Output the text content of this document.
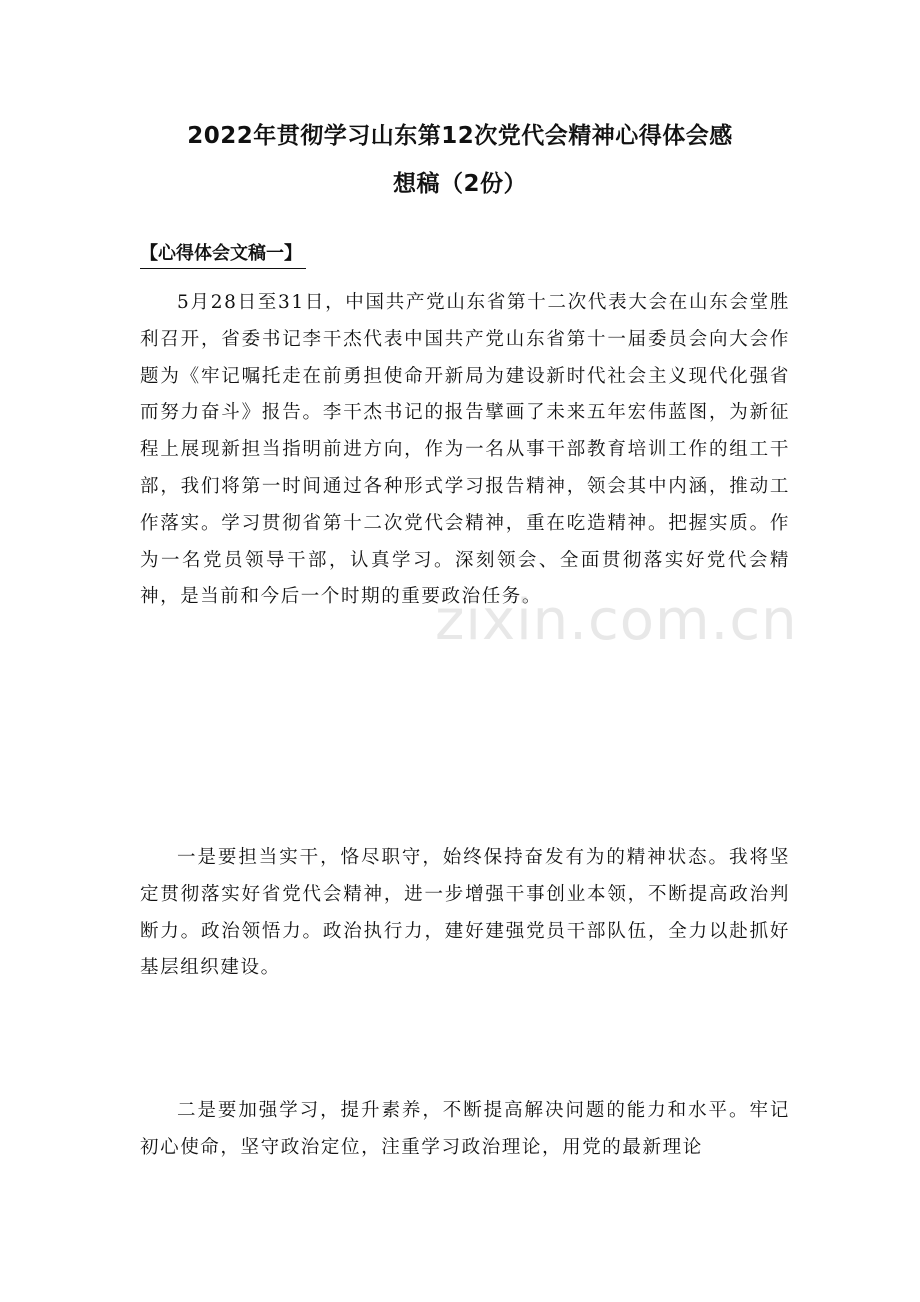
2022年贯彻学习山东第12次党代会精神心得体会感
想稿（2份）
【心得体会文稿一】

5月28日至31日，中国共产党山东省第十二次代表大会在山东会堂胜利召开，省委书记李干杰代表中国共产党山东省第十一届委员会向大会作题为《牢记嘱托走在前勇担使命开新局为建设新时代社会主义现代化强省而努力奋斗》报告。李干杰书记的报告擘画了未来五年宏伟蓝图，为新征程上展现新担当指明前进方向，作为一名从事干部教育培训工作的组工干部，我们将第一时间通过各种形式学习报告精神，领会其中内涵，推动工作落实。学习贯彻省第十二次党代会精神，重在吃造精神。把握实质。作为一名党员领导干部，认真学习。深刻领会、全面贯彻落实好党代会精神，是当前和今后一个时期的重要政治任务。

一是要担当实干，恪尽职守，始终保持奋发有为的精神状态。我将坚定贯彻落实好省党代会精神，进一步增强干事创业本领，不断提高政治判断力。政治领悟力。政治执行力，建好建强党员干部队伍，全力以赴抓好基层组织建设。

二是要加强学习，提升素养，不断提高解决问题的能力和水平。牢记初心使命，坚守政治定位，注重学习政治理论，用党的最新理论

zixin.com.cn
